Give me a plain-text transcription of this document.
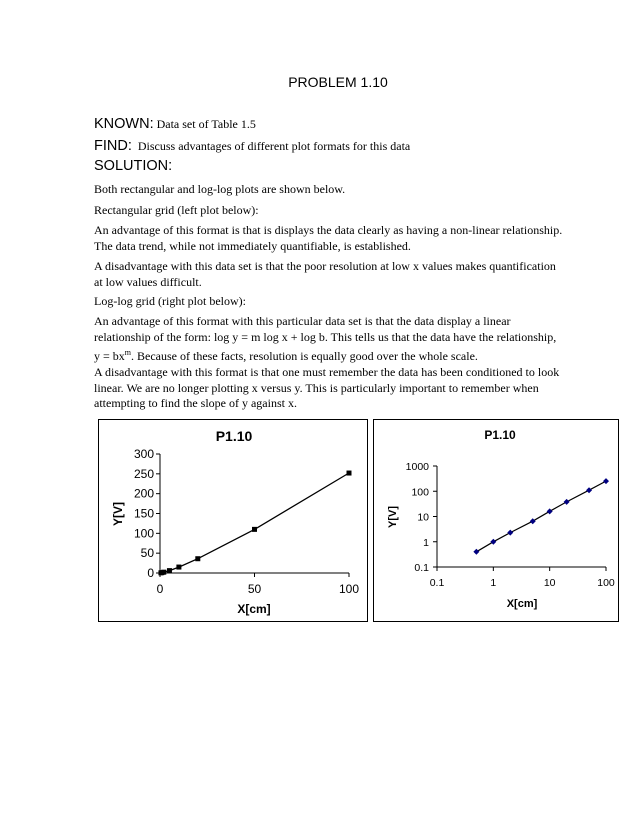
PROBLEM 1.10
KNOWN: Data set of Table 1.5
FIND: Discuss advantages of different plot formats for this data
SOLUTION:

Both rectangular and log-log plots are shown below.

Rectangular grid (left plot below):

An advantage of this format is that is displays the data clearly as having a non-linear relationship. The data trend, while not immediately quantifiable, is established.

A disadvantage with this data set is that the poor resolution at low x values makes quantification at low values difficult.

Log-log grid (right plot below):

An advantage of this format with this particular data set is that the data display a linear relationship of the form: log y = m log x + log b. This tells us that the data have the relationship, $y = bx^m$. Because of these facts, resolution is equally good over the whole scale.

A disadvantage with this format is that one must remember the data has been conditioned to look linear. We are no longer plotting x versus y. This is particularly important to remember when attempting to find the slope of y against x.

P1.10
0
50
100
150
200
250
300
0	50	100
X[cm]
Y[V]
P1.10
0.1
1
10
100
1000
0.1	1	10	100
X[cm]
Y[V]
